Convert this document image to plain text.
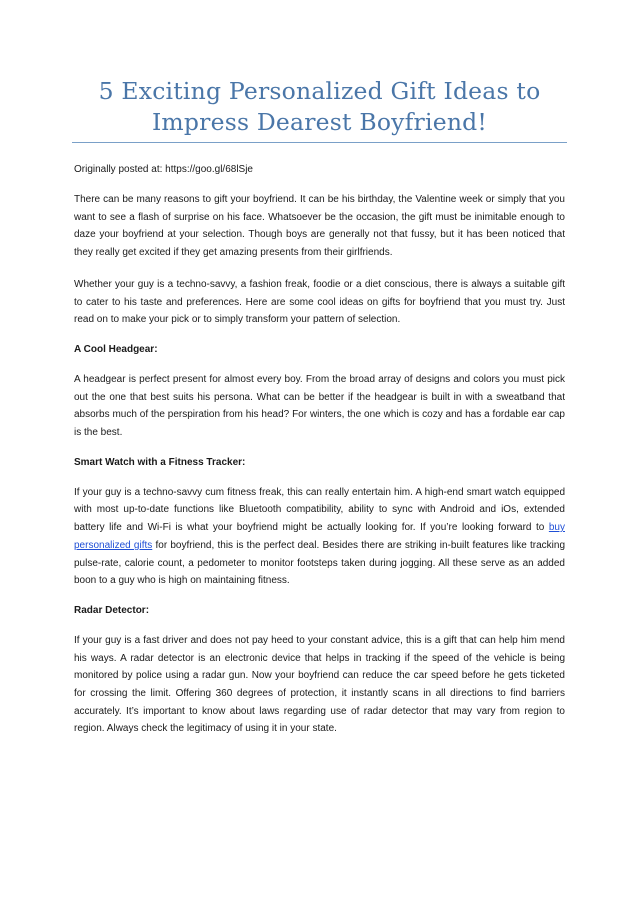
5 Exciting Personalized Gift Ideas to Impress Dearest Boyfriend!
Originally posted at: https://goo.gl/68lSje

There can be many reasons to gift your boyfriend. It can be his birthday, the Valentine week or simply that you want to see a flash of surprise on his face. Whatsoever be the occasion, the gift must be inimitable enough to daze your boyfriend at your selection. Though boys are generally not that fussy, but it has been noticed that they really get excited if they get amazing presents from their girlfriends.

Whether your guy is a techno-savvy, a fashion freak, foodie or a diet conscious, there is always a suitable gift to cater to his taste and preferences. Here are some cool ideas on gifts for boyfriend that you must try. Just read on to make your pick or to simply transform your pattern of selection.

A Cool Headgear:

A headgear is perfect present for almost every boy. From the broad array of designs and colors you must pick out the one that best suits his persona. What can be better if the headgear is built in with a sweatband that absorbs much of the perspiration from his head? For winters, the one which is cozy and has a fordable ear cap is the best.

Smart Watch with a Fitness Tracker:

If your guy is a techno-savvy cum fitness freak, this can really entertain him. A high-end smart watch equipped with most up-to-date functions like Bluetooth compatibility, ability to sync with Android and iOs, extended battery life and Wi-Fi is what your boyfriend might be actually looking for. If you’re looking forward to buy personalized gifts for boyfriend, this is the perfect deal. Besides there are striking in-built features like tracking pulse-rate, calorie count, a pedometer to monitor footsteps taken during jogging. All these serve as an added boon to a guy who is high on maintaining fitness.

Radar Detector:

If your guy is a fast driver and does not pay heed to your constant advice, this is a gift that can help him mend his ways. A radar detector is an electronic device that helps in tracking if the speed of the vehicle is being monitored by police using a radar gun. Now your boyfriend can reduce the car speed before he gets ticketed for crossing the limit. Offering 360 degrees of protection, it instantly scans in all directions to find barriers accurately. It’s important to know about laws regarding use of radar detector that may vary from region to region. Always check the legitimacy of using it in your state.
